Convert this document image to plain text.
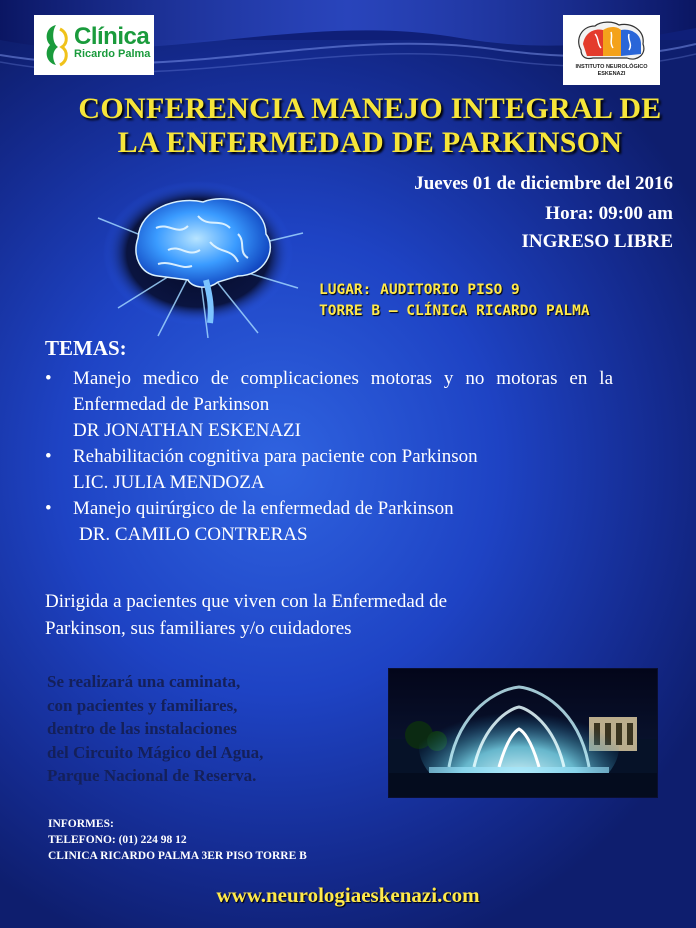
Clínica
Ricardo Palma
INSTITUTO NEUROLÓGICO
ESKENAZI
CONFERENCIA MANEJO INTEGRAL DE
LA ENFERMEDAD DE PARKINSON
Jueves 01 de diciembre del 2016
Hora: 09:00 am
INGRESO LIBRE
LUGAR: AUDITORIO PISO 9
TORRE B – CLÍNICA RICARDO PALMA
TEMAS:
• Manejo medico de complicaciones motoras y no motoras en la Enfermedad de Parkinson
DR JONATHAN ESKENAZI
• Rehabilitación cognitiva para paciente con Parkinson
LIC. JULIA MENDOZA
• Manejo quirúrgico de la enfermedad de Parkinson
DR. CAMILO CONTRERAS
Dirigida a pacientes que viven con la Enfermedad de
Parkinson, sus familiares y/o cuidadores
Se realizará una caminata,
con pacientes y familiares,
dentro de las instalaciones
del Circuito Mágico del Agua,
Parque Nacional de Reserva.
INFORMES:
TELEFONO: (01) 224 98 12
CLINICA RICARDO PALMA 3ER PISO TORRE B
www.neurologiaeskenazi.com
